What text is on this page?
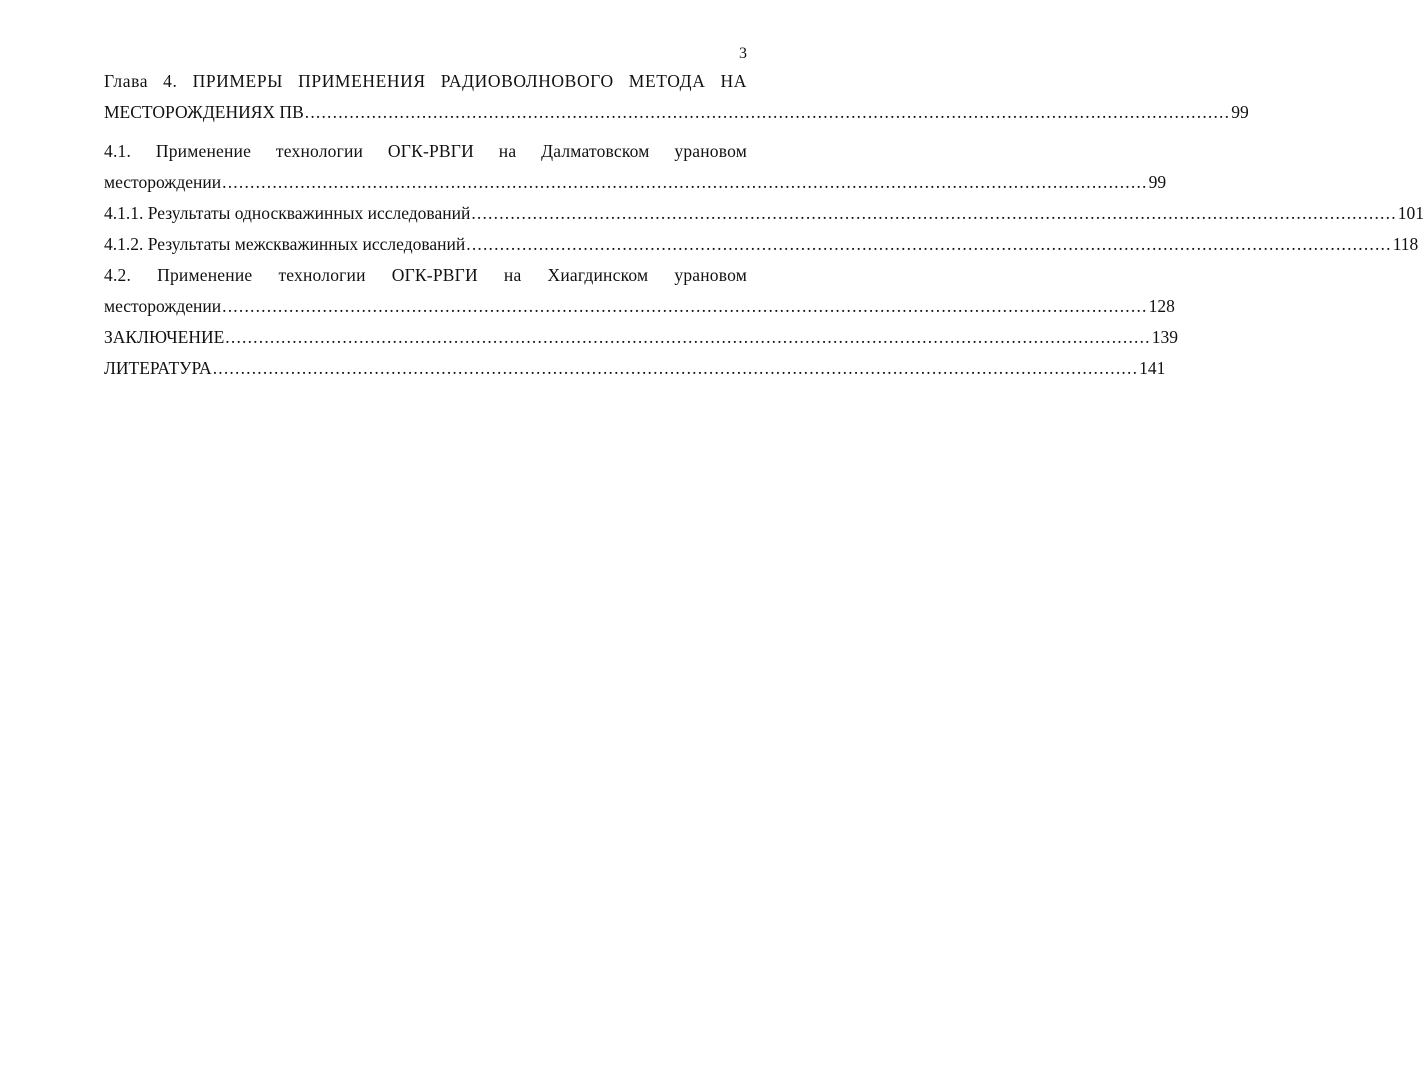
3
Глава 4. ПРИМЕРЫ ПРИМЕНЕНИЯ РАДИОВОЛНОВОГО МЕТОДА НА
МЕСТОРОЖДЕНИЯХ ПВ ...................................................................................................................................................................... 99
4.1. Применение технологии ОГК-РВГИ на Далматовском урановом
месторождении ...................................................................................................................................................................... 99
4.1.1. Результаты односкважинных исследований ...................................................................................................................................................................... 101
4.1.2. Результаты межскважинных исследований ...................................................................................................................................................................... 118
4.2. Применение технологии ОГК-РВГИ на Хиагдинском урановом
месторождении ...................................................................................................................................................................... 128
ЗАКЛЮЧЕНИЕ ...................................................................................................................................................................... 139
ЛИТЕРАТУРА ...................................................................................................................................................................... 141
